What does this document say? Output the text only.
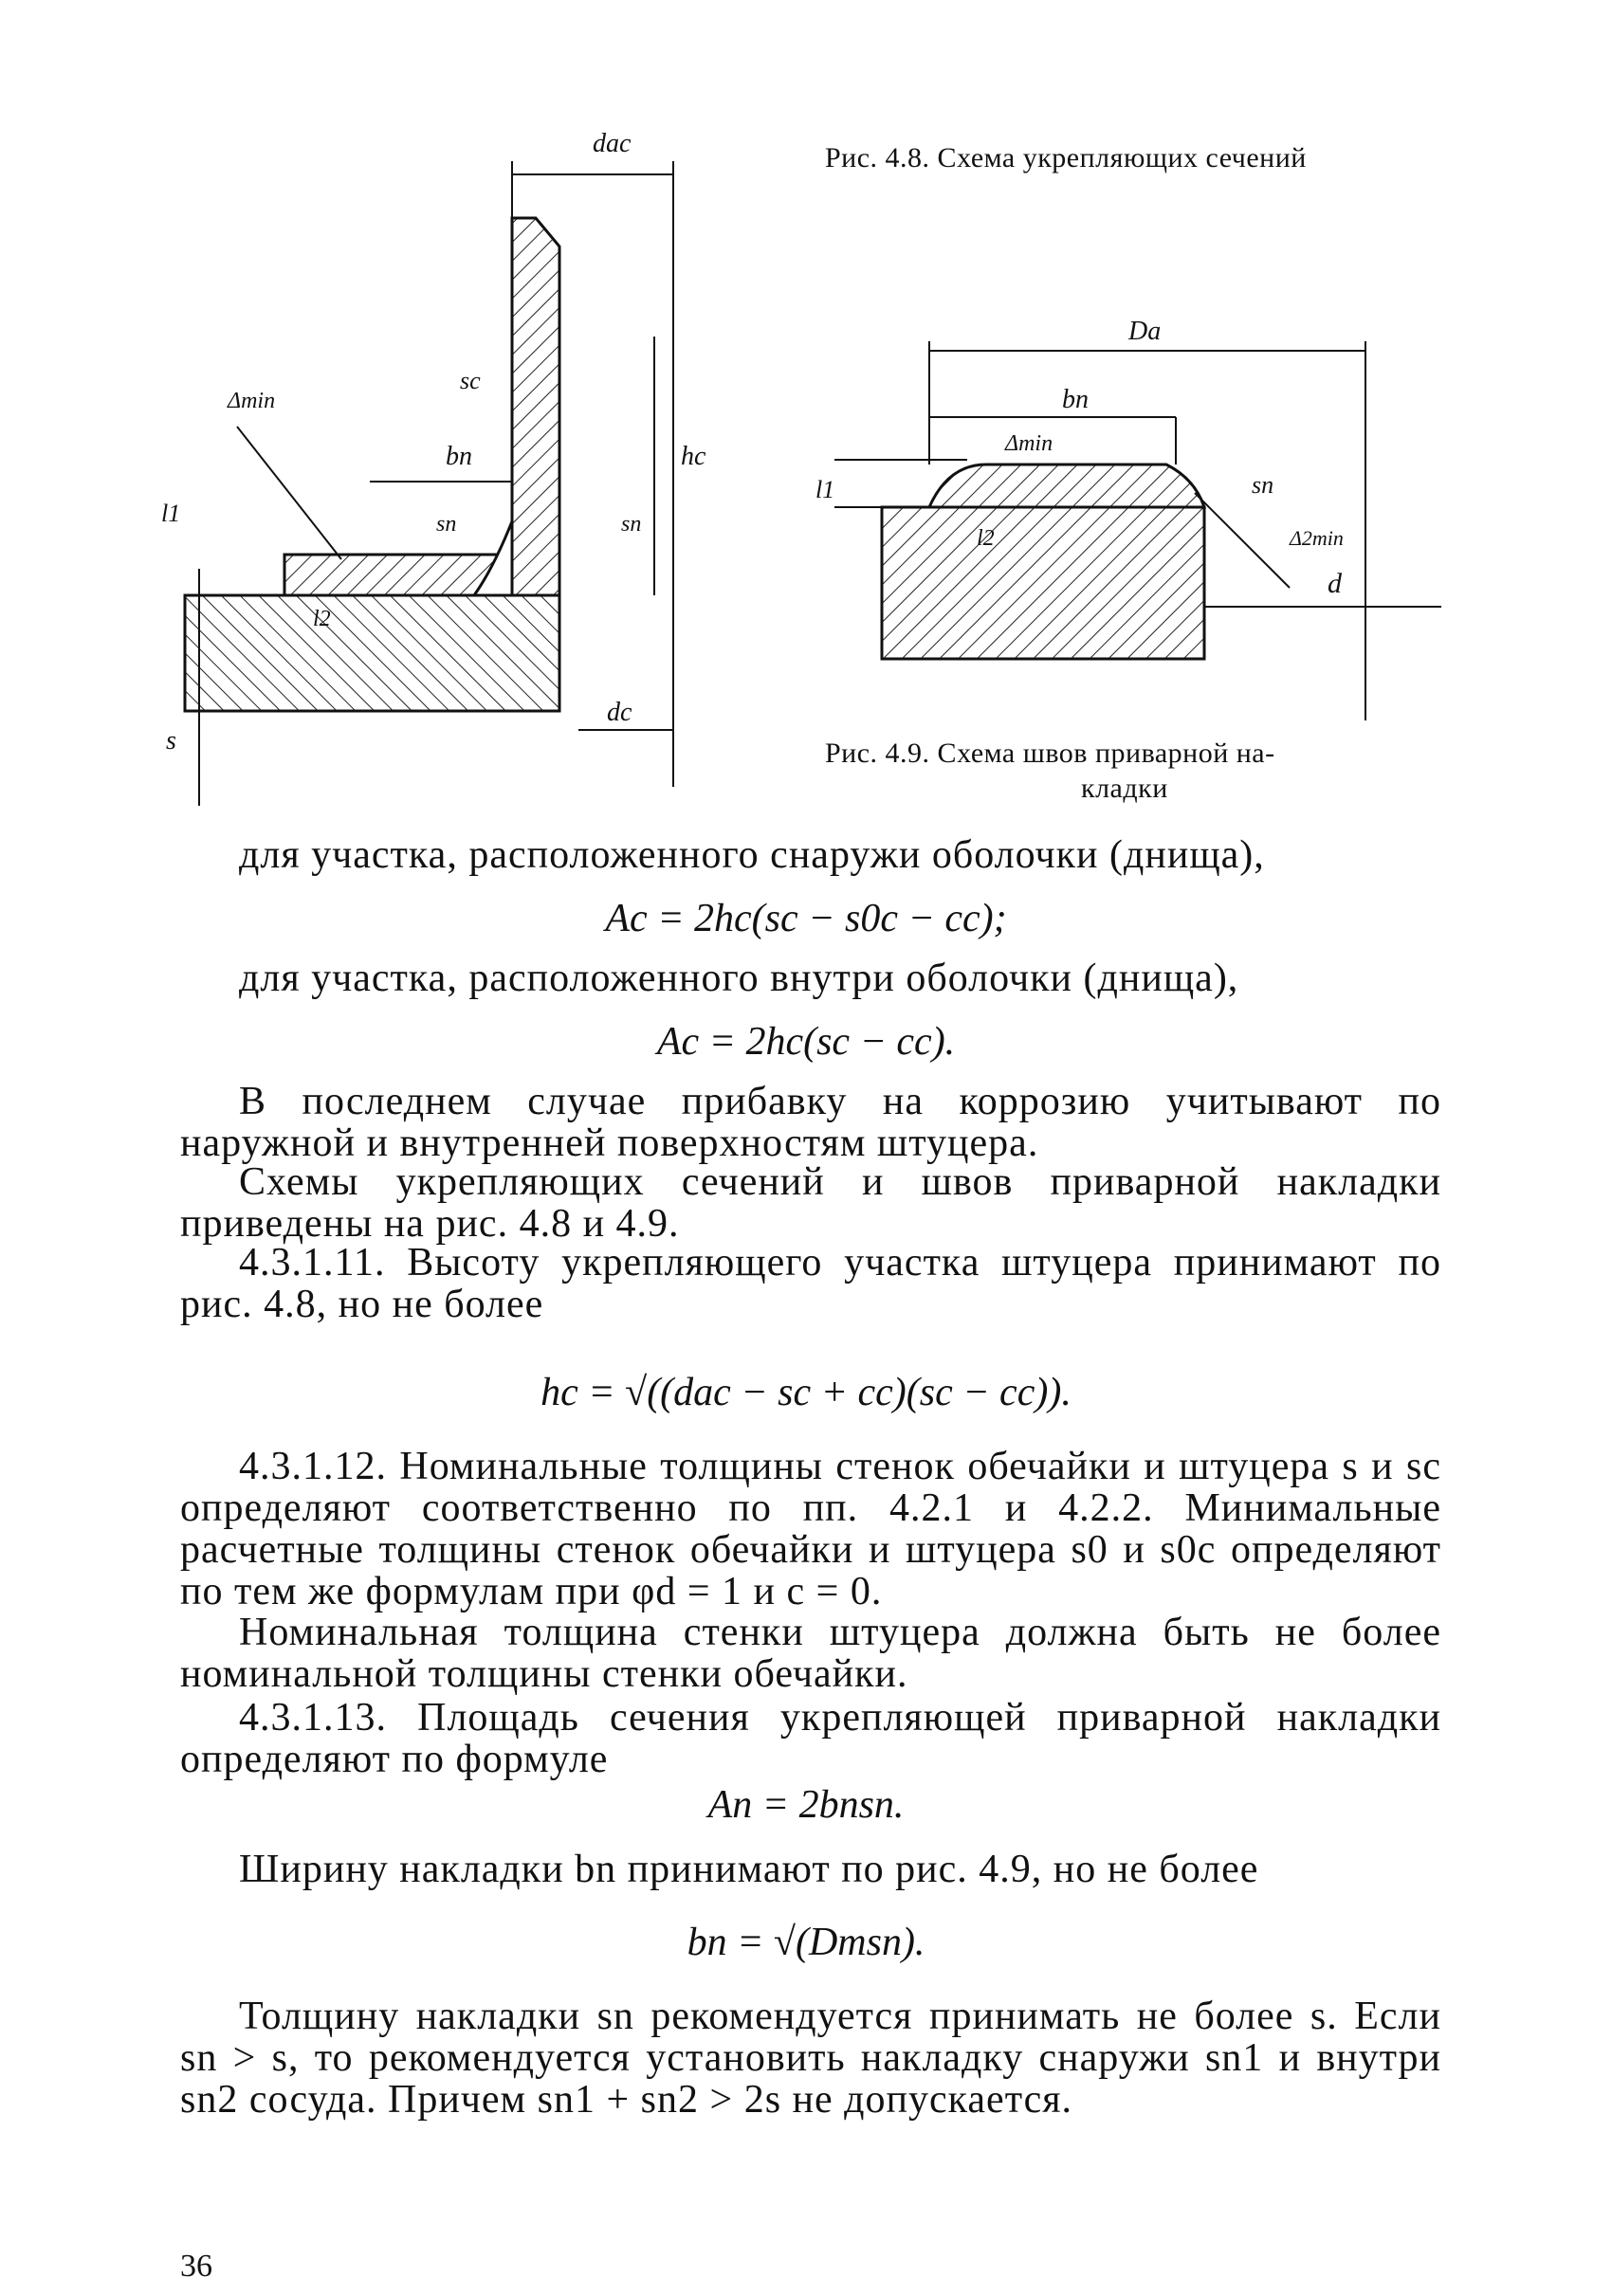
dac
hc
sc
bn
sn	sn
Δmin
l1
l2
s
dc
Рис. 4.8. Схема укрепляющих сечений
Da
bn
Δmin
sn
l1
l2	Δ2min
d
Рис. 4.9. Схема швов приварной на-
кладки
для участка, расположенного снаружи оболочки (днища),
Ac = 2hc(sc − s0c − cc);
для участка, расположенного внутри оболочки (днища),
Ac = 2hc(sc − cc).
В последнем случае прибавку на коррозию учитывают по наружной и внутренней поверхностям штуцера.
Схемы укрепляющих сечений и швов приварной накладки приведены на рис. 4.8 и 4.9.
4.3.1.11. Высоту укрепляющего участка штуцера принимают по рис. 4.8, но не более
hc = √((dac − sc + cc)(sc − cc)).
4.3.1.12. Номинальные толщины стенок обечайки и штуцера s и sc определяют соответственно по пп. 4.2.1 и 4.2.2. Минимальные расчетные толщины стенок обечайки и штуцера s0 и s0c определяют по тем же формулам при φd = 1 и c = 0.
Номинальная толщина стенки штуцера должна быть не более номинальной толщины стенки обечайки.
4.3.1.13. Площадь сечения укрепляющей приварной накладки определяют по формуле
An = 2bnsn.
Ширину накладки bn принимают по рис. 4.9, но не более
bn = √(Dmsn).
Толщину накладки sn рекомендуется принимать не более s. Если sn > s, то рекомендуется установить накладку снаружи sn1 и внутри sn2 сосуда. Причем sn1 + sn2 > 2s не допускается.
36
